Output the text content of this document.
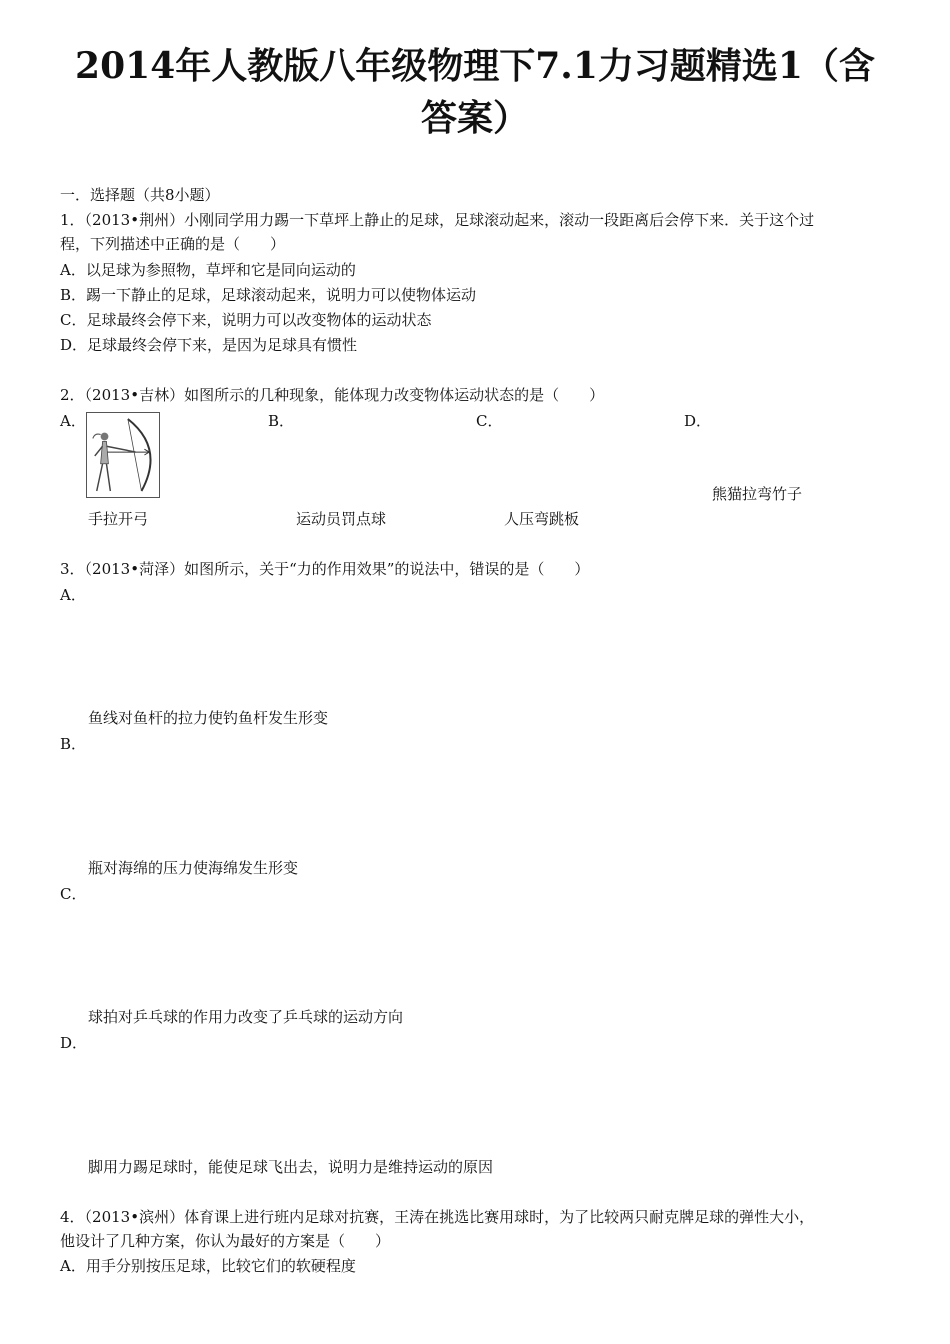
2014年人教版八年级物理下7.1力习题精选1（含
答案）
一．选择题（共8小题）
1．（2013•荆州）小刚同学用力踢一下草坪上静止的足球，足球滚动起来，滚动一段距离后会停下来．关于这个过
程，下列描述中正确的是（　　）
A．以足球为参照物，草坪和它是同向运动的
B．踢一下静止的足球，足球滚动起来，说明力可以使物体运动
C．足球最终会停下来，说明力可以改变物体的运动状态
D．足球最终会停下来，是因为足球具有惯性
2．（2013•吉林）如图所示的几种现象，能体现力改变物体运动状态的是（　　）
A．	B．	C．	D．
熊猫拉弯竹子
手拉开弓	运动员罚点球	人压弯跳板
3．（2013•菏泽）如图所示，关于“力的作用效果”的说法中，错误的是（　　）
A．
鱼线对鱼杆的拉力使钓鱼杆发生形变
B．
瓶对海绵的压力使海绵发生形变
C．
球拍对乒乓球的作用力改变了乒乓球的运动方向
D．
脚用力踢足球时，能使足球飞出去，说明力是维持运动的原因
4．（2013•滨州）体育课上进行班内足球对抗赛，王涛在挑选比赛用球时，为了比较两只耐克牌足球的弹性大小，
他设计了几种方案，你认为最好的方案是（　　）
A．用手分别按压足球，比较它们的软硬程度
